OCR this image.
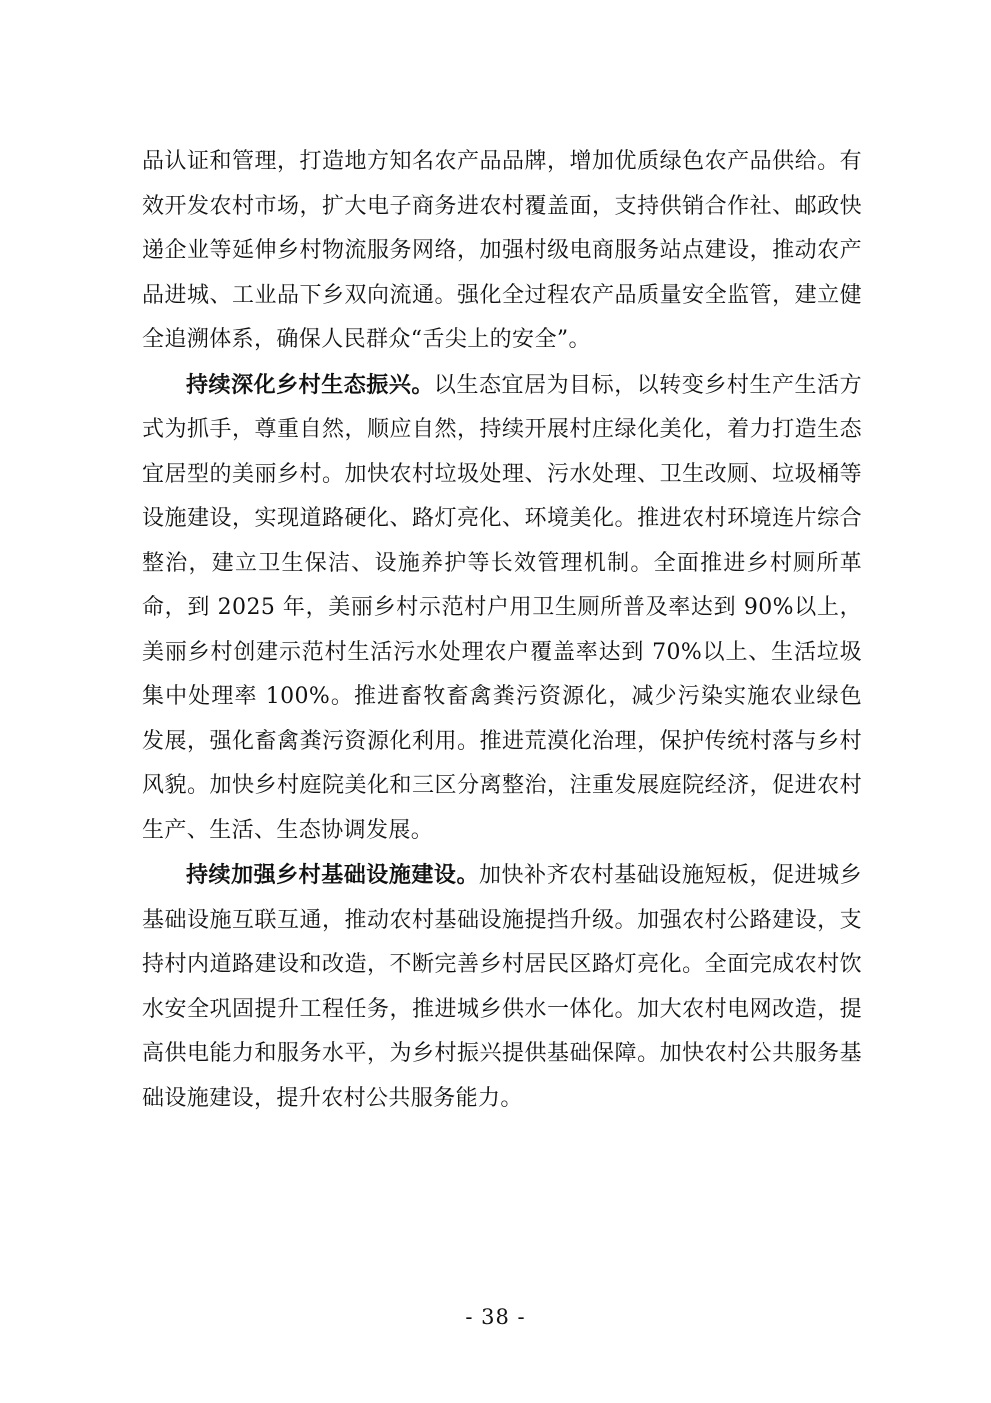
品认证和管理，打造地方知名农产品品牌，增加优质绿色农产品供给。有效开发农村市场，扩大电子商务进农村覆盖面，支持供销合作社、邮政快递企业等延伸乡村物流服务网络，加强村级电商服务站点建设，推动农产品进城、工业品下乡双向流通。强化全过程农产品质量安全监管，建立健全追溯体系，确保人民群众“舌尖上的安全”。

持续深化乡村生态振兴。以生态宜居为目标，以转变乡村生产生活方式为抓手，尊重自然，顺应自然，持续开展村庄绿化美化，着力打造生态宜居型的美丽乡村。加快农村垃圾处理、污水处理、卫生改厕、垃圾桶等设施建设，实现道路硬化、路灯亮化、环境美化。推进农村环境连片综合整治，建立卫生保洁、设施养护等长效管理机制。全面推进乡村厕所革命，到 2025 年，美丽乡村示范村户用卫生厕所普及率达到 90%以上，美丽乡村创建示范村生活污水处理农户覆盖率达到 70%以上、生活垃圾集中处理率 100%。推进畜牧畜禽粪污资源化，减少污染实施农业绿色发展，强化畜禽粪污资源化利用。推进荒漠化治理，保护传统村落与乡村风貌。加快乡村庭院美化和三区分离整治，注重发展庭院经济，促进农村生产、生活、生态协调发展。

持续加强乡村基础设施建设。加快补齐农村基础设施短板，促进城乡基础设施互联互通，推动农村基础设施提挡升级。加强农村公路建设，支持村内道路建设和改造，不断完善乡村居民区路灯亮化。全面完成农村饮水安全巩固提升工程任务，推进城乡供水一体化。加大农村电网改造，提高供电能力和服务水平，为乡村振兴提供基础保障。加快农村公共服务基础设施建设，提升农村公共服务能力。

- 38 -
